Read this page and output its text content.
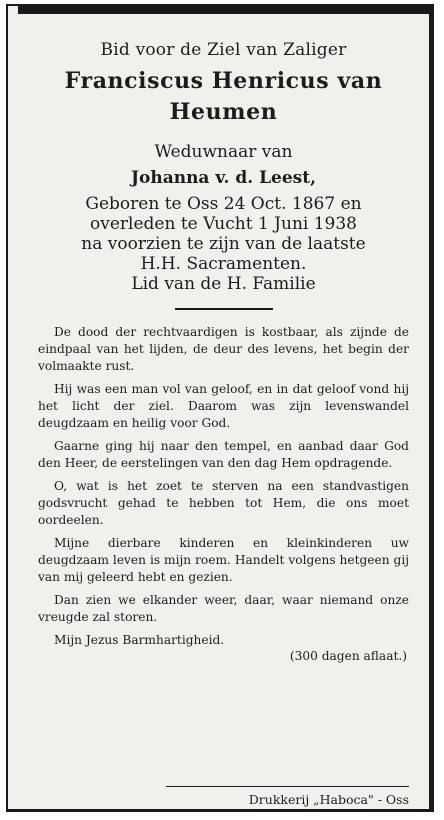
Bid voor de Ziel van Zaliger

Franciscus Henricus van

Heumen

Weduwnaar van

Johanna v. d. Leest,

Geboren te Oss 24 Oct. 1867 en

overleden te Vucht 1 Juni 1938

na voorzien te zijn van de laatste

H.H. Sacramenten.

Lid van de H. Familie

De dood der rechtvaardigen is kostbaar, als zijnde de eindpaal van het lijden, de deur des levens, het begin der volmaakte rust.

Hij was een man vol van geloof, en in dat geloof vond hij het licht der ziel. Daarom was zijn levenswandel deugdzaam en heilig voor God.

Gaarne ging hij naar den tempel, en aanbad daar God den Heer, de eerstelingen van den dag Hem opdragende.

O, wat is het zoet te sterven na een standvastigen godsvrucht gehad te hebben tot Hem, die ons moet oordeelen.

Mijne dierbare kinderen en kleinkinderen uw deugdzaam leven is mijn roem. Handelt volgens hetgeen gij van mij geleerd hebt en gezien.

Dan zien we elkander weer, daar, waar niemand onze vreugde zal storen.

Mijn Jezus Barmhartigheid.

(300 dagen aflaat.)

Drukkerij „Haboca" - Oss
